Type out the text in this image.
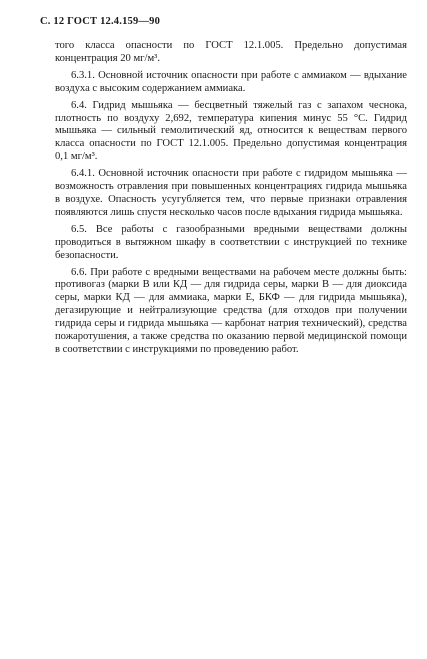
С. 12 ГОСТ 12.4.159—90

того класса опасности по ГОСТ 12.1.005. Предельно допустимая концентрация 20 мг/м³.

6.3.1. Основной источник опасности при работе с аммиаком — вдыхание воздуха с высоким содержанием аммиака.

6.4. Гидрид мышьяка — бесцветный тяжелый газ с запахом чеснока, плотность по воздуху 2,692, температура кипения минус 55 °С. Гидрид мышьяка — сильный гемолитический яд, относится к веществам первого класса опасности по ГОСТ 12.1.005. Предельно допустимая концентрация 0,1 мг/м³.

6.4.1. Основной источник опасности при работе с гидридом мышьяка — возможность отравления при повышенных концентрациях гидрида мышьяка в воздухе. Опасность усугубляется тем, что первые признаки отравления появляются лишь спустя несколько часов после вдыхания гидрида мышьяка.

6.5. Все работы с газообразными вредными веществами должны проводиться в вытяжном шкафу в соответствии с инструкцией по технике безопасности.

6.6. При работе с вредными веществами на рабочем месте должны быть: противогаз (марки В или КД — для гидрида серы, марки В — для диоксида серы, марки КД — для аммиака, марки Е, БКФ — для гидрида мышьяка), дегазирующие и нейтрализующие средства (для отходов при получении гидрида серы и гидрида мышьяка — карбонат натрия технический), средства пожаротушения, а также средства по оказанию первой медицинской помощи в соответствии с инструкциями по проведению работ.
